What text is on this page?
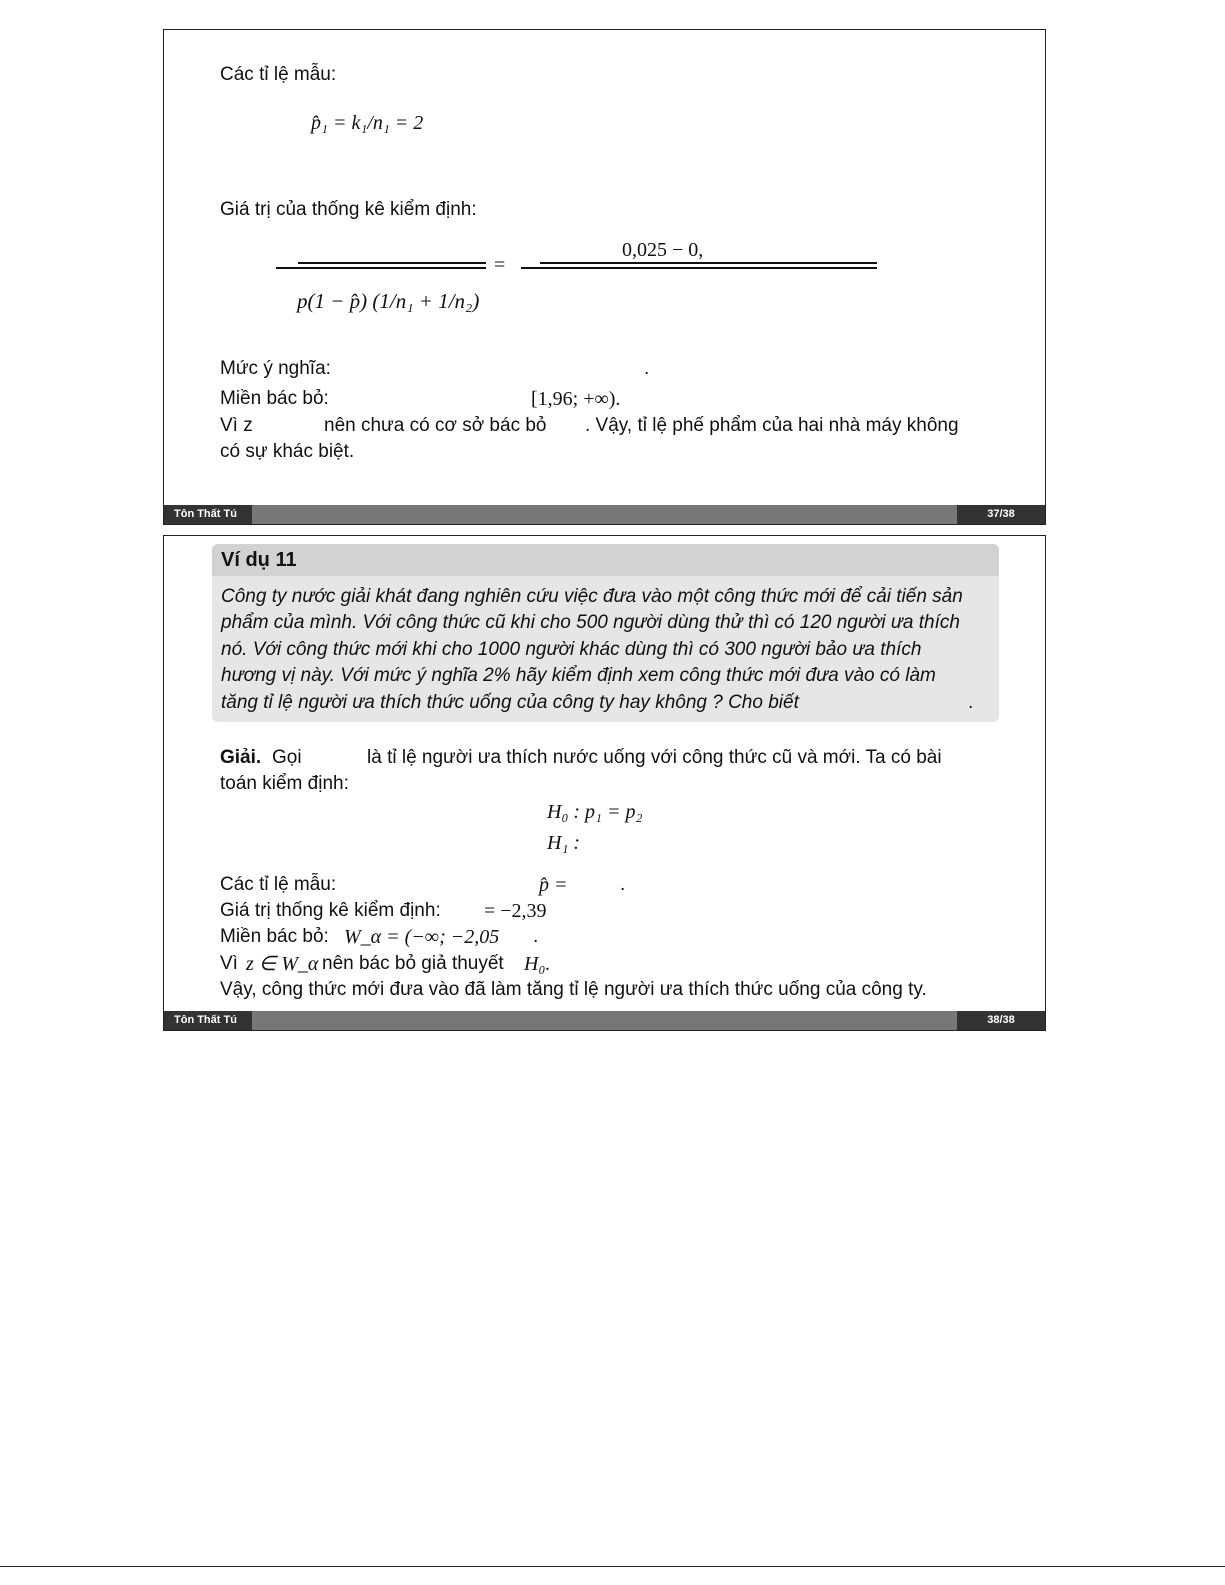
Các tỉ lệ mẫu:
p̂₁ = k₁/n₁ = 2
Giá trị của thống kê kiểm định:
p(1 − p̂) (1/n₁ + 1/n₂)
=
0,025 − 0,
Mức ý nghĩa:	.
Miền bác bỏ:	[1,96; +∞).
Vì z	nên chưa có cơ sở bác bỏ . Vậy, tỉ lệ phế phẩm của hai nhà máy không
có sự khác biệt.
Tôn Thất Tú	37/38
Ví dụ 11
Công ty nước giải khát đang nghiên cứu việc đưa vào một công thức mới để cải tiến sản
phẩm của mình. Với công thức cũ khi cho 500 người dùng thử thì có 120 người ưa thích
nó. Với công thức mới khi cho 1000 người khác dùng thì có 300 người bảo ưa thích
hương vị này. Với mức ý nghĩa 2% hãy kiểm định xem công thức mới đưa vào có làm
tăng tỉ lệ người ưa thích thức uống của công ty hay không ? Cho biết	.
Giải. Gọi	là tỉ lệ người ưa thích nước uống với công thức cũ và mới. Ta có bài
toán kiểm định:
H₀ : p₁ = p₂
H₁ :
Các tỉ lệ mẫu:	p̂ =	.
Giá trị thống kê kiểm định: = −2,39
Miền bác bỏ: W_α = (−∞; −2,05 .
Vì z ∈ W_α nên bác bỏ giả thuyết H₀.
Vậy, công thức mới đưa vào đã làm tăng tỉ lệ người ưa thích thức uống của công ty.
Tôn Thất Tú	38/38
